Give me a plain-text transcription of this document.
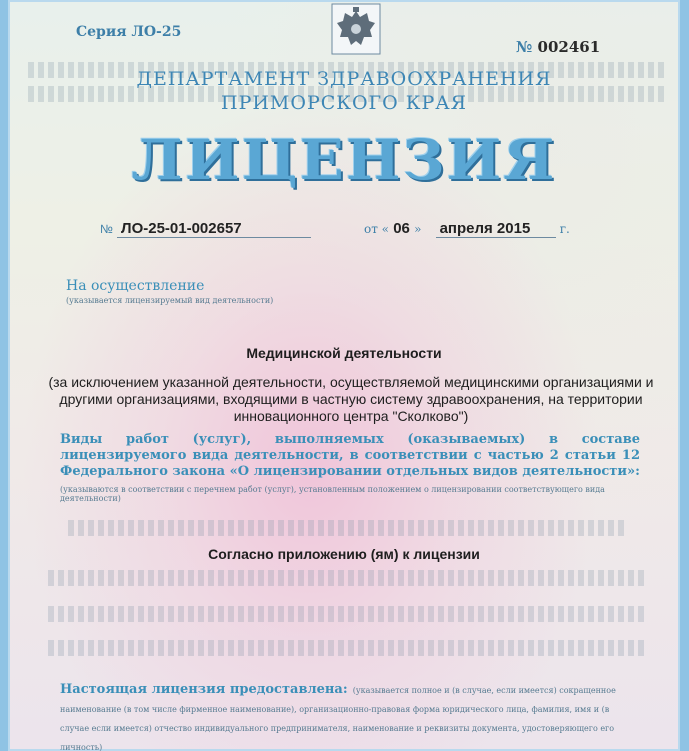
Серия ЛО-25
№ 002461
ДЕПАРТАМЕНТ ЗДРАВООХРАНЕНИЯ
ПРИМОРСКОГО КРАЯ
ЛИЦЕНЗИЯ
№ ЛО-25-01-002657	от « 06 » апреля 2015 г.
На осуществление
(указывается лицензируемый вид деятельности)
Медицинской деятельности
(за исключением указанной деятельности, осуществляемой медицинскими организациями и другими организациями, входящими в частную систему здравоохранения, на территории инновационного центра "Сколково")
Виды работ (услуг), выполняемых (оказываемых) в составе лицензируемого вида деятельности, в соответствии с частью 2 статьи 12 Федерального закона «О лицензировании отдельных видов деятельности»:
(указываются в соответствии с перечнем работ (услуг), установленным положением о лицензировании соответствующего вида деятельности)
Согласно приложению (ям) к лицензии
Настоящая лицензия предоставлена: (указывается полное и (в случае, если имеется) сокращенное наименование (в том числе фирменное наименование), организационно-правовая форма юридического лица, фамилия, имя и (в случае если имеется) отчество индивидуального предпринимателя, наименование и реквизиты документа, удостоверяющего его личность)
